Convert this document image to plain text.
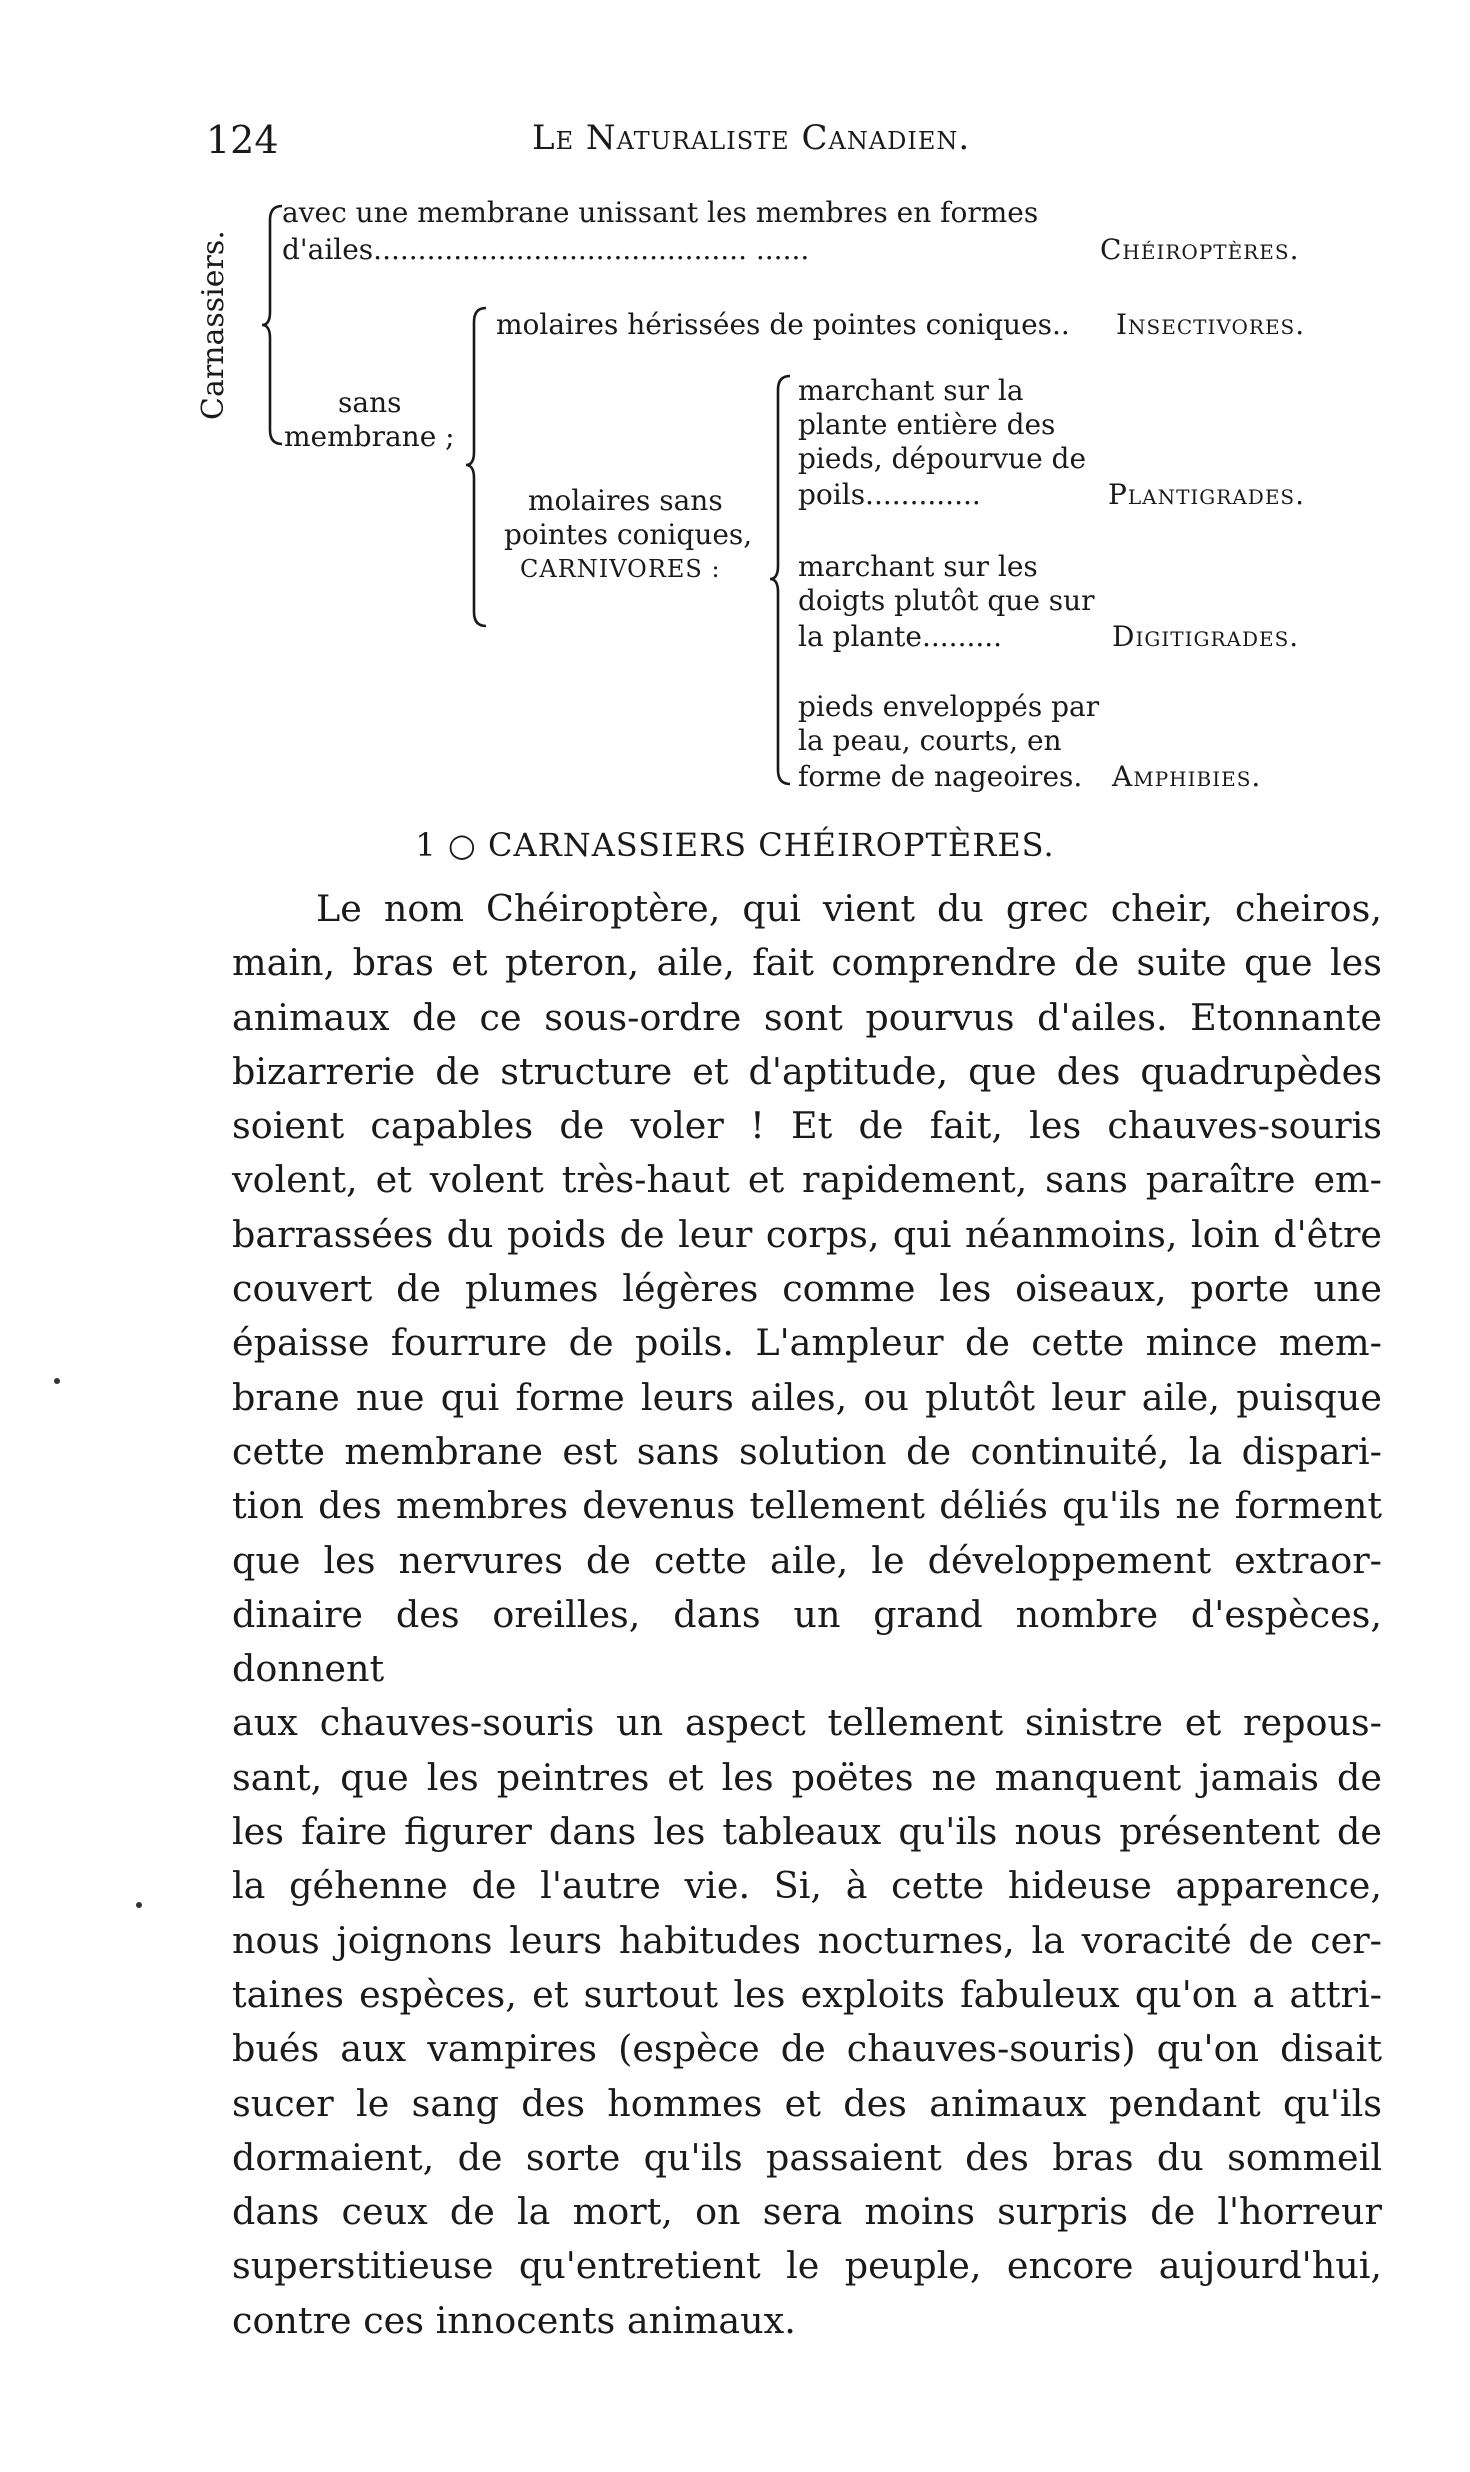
124	Le Naturaliste Canadien.
Carnassiers.
avec une membrane unissant les membres en formes
d'ailes.......................................... ......	Chéiroptères.
sans
membrane ;
molaires hérissées de pointes coniques.. Insectivores.
molaires sans
pointes coniques,
CARNIVORES :
marchant sur la
plante entière des
pieds, dépourvue de
poils.............	Plantigrades.
marchant sur les
doigts plutôt que sur
la plante.........	Digitigrades.
pieds enveloppés par
la peau, courts, en
forme de nageoires. Amphibies.
1 ○ CARNASSIERS CHÉIROPTÈRES.
Le nom Chéiroptère, qui vient du grec cheir, cheiros,
main, bras et pteron, aile, fait comprendre de suite que les
animaux de ce sous-ordre sont pourvus d'ailes. Etonnante
bizarrerie de structure et d'aptitude, que des quadrupèdes
soient capables de voler ! Et de fait, les chauves-souris
volent, et volent très-haut et rapidement, sans paraître em-
barrassées du poids de leur corps, qui néanmoins, loin d'être
couvert de plumes légères comme les oiseaux, porte une
épaisse fourrure de poils. L'ampleur de cette mince mem-
brane nue qui forme leurs ailes, ou plutôt leur aile, puisque
cette membrane est sans solution de continuité, la dispari-
tion des membres devenus tellement déliés qu'ils ne forment
que les nervures de cette aile, le développement extraor-
dinaire des oreilles, dans un grand nombre d'espèces, donnent
aux chauves-souris un aspect tellement sinistre et repous-
sant, que les peintres et les poëtes ne manquent jamais de
les faire figurer dans les tableaux qu'ils nous présentent de
la géhenne de l'autre vie. Si, à cette hideuse apparence,
nous joignons leurs habitudes nocturnes, la voracité de cer-
taines espèces, et surtout les exploits fabuleux qu'on a attri-
bués aux vampires (espèce de chauves-souris) qu'on disait
sucer le sang des hommes et des animaux pendant qu'ils
dormaient, de sorte qu'ils passaient des bras du sommeil
dans ceux de la mort, on sera moins surpris de l'horreur
superstitieuse qu'entretient le peuple, encore aujourd'hui,
contre ces innocents animaux.
